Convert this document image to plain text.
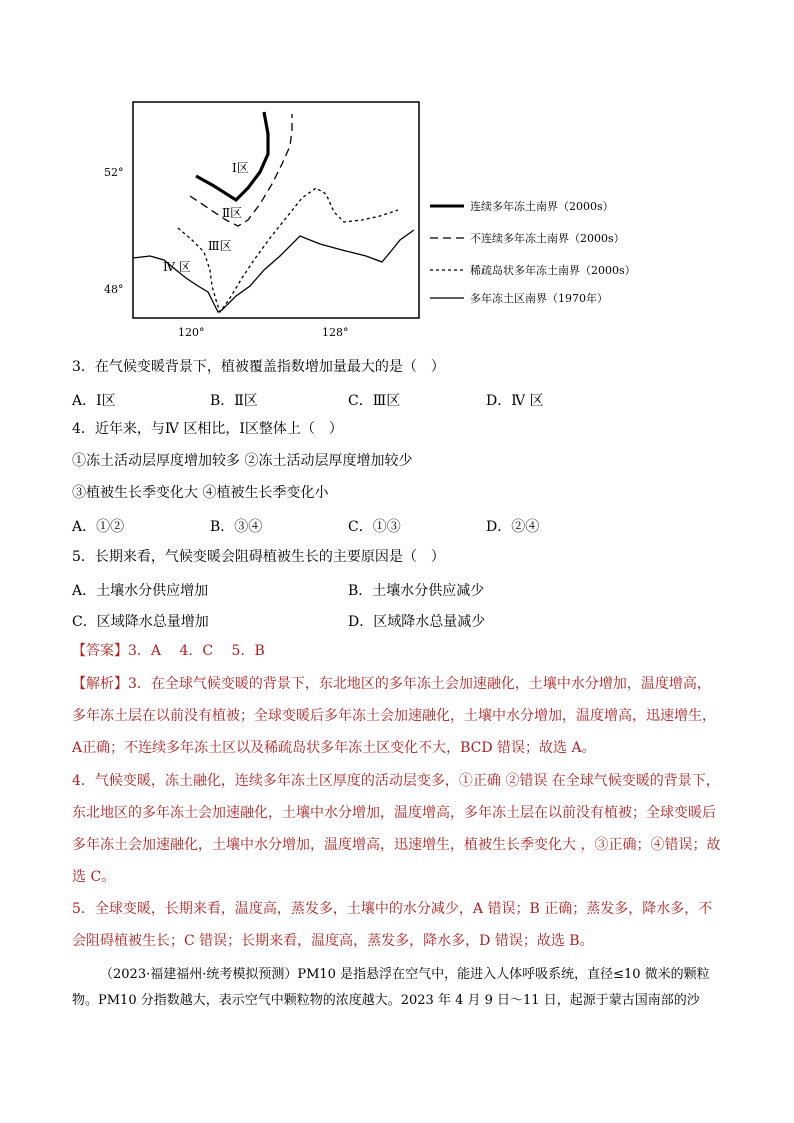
Ⅰ区
Ⅱ区
Ⅲ区
Ⅳ 区
52°
48°
120°	128°
连续多年冻土南界（2000s）
不连续多年冻土南界（2000s）
稀疏岛状多年冻土南界（2000s）
多年冻土区南界（1970年）
3．在气候变暖背景下，植被覆盖指数增加量最大的是（　）
A．Ⅰ区	B．Ⅱ区	C．Ⅲ区	D．Ⅳ 区
4．近年来，与Ⅳ 区相比，Ⅰ区整体上（　）
①冻土活动层厚度增加较多 ②冻土活动层厚度增加较少
③植被生长季变化大 ④植被生长季变化小
A．①②	B．③④	C．①③	D．②④
5．长期来看，气候变暖会阻碍植被生长的主要原因是（　）
A．土壤水分供应增加	B．土壤水分供应减少
C．区域降水总量增加	D．区域降水总量减少
【答案】3．A　 4．C　 5．B
【解析】3．在全球气候变暖的背景下，东北地区的多年冻土会加速融化，土壤中水分增加，温度增高，多年冻土层在以前没有植被；全球变暖后多年冻土会加速融化，土壤中水分增加，温度增高，迅速增生，A正确；不连续多年冻土区以及稀疏岛状多年冻土区变化不大，BCD 错误；故选 A。
4．气候变暖，冻土融化，连续多年冻土区厚度的活动层变多，①正确 ②错误 在全球气候变暖的背景下，东北地区的多年冻土会加速融化，土壤中水分增加，温度增高，多年冻土层在以前没有植被；全球变暖后多年冻土会加速融化，土壤中水分增加，温度增高，迅速增生，植被生长季变化大 ，③正确；④错误；故选 C。
5．全球变暖，长期来看，温度高，蒸发多，土壤中的水分减少，A 错误；B 正确；蒸发多，降水多，不会阻碍植被生长；C 错误；长期来看，温度高，蒸发多，降水多，D 错误；故选 B。
（2023·福建福州·统考模拟预测）PM10 是指悬浮在空气中，能进入人体呼吸系统，直径≤10 微米的颗粒物。PM10 分指数越大，表示空气中颗粒物的浓度越大。2023 年 4 月 9 日～11 日，起源于蒙古国南部的沙
